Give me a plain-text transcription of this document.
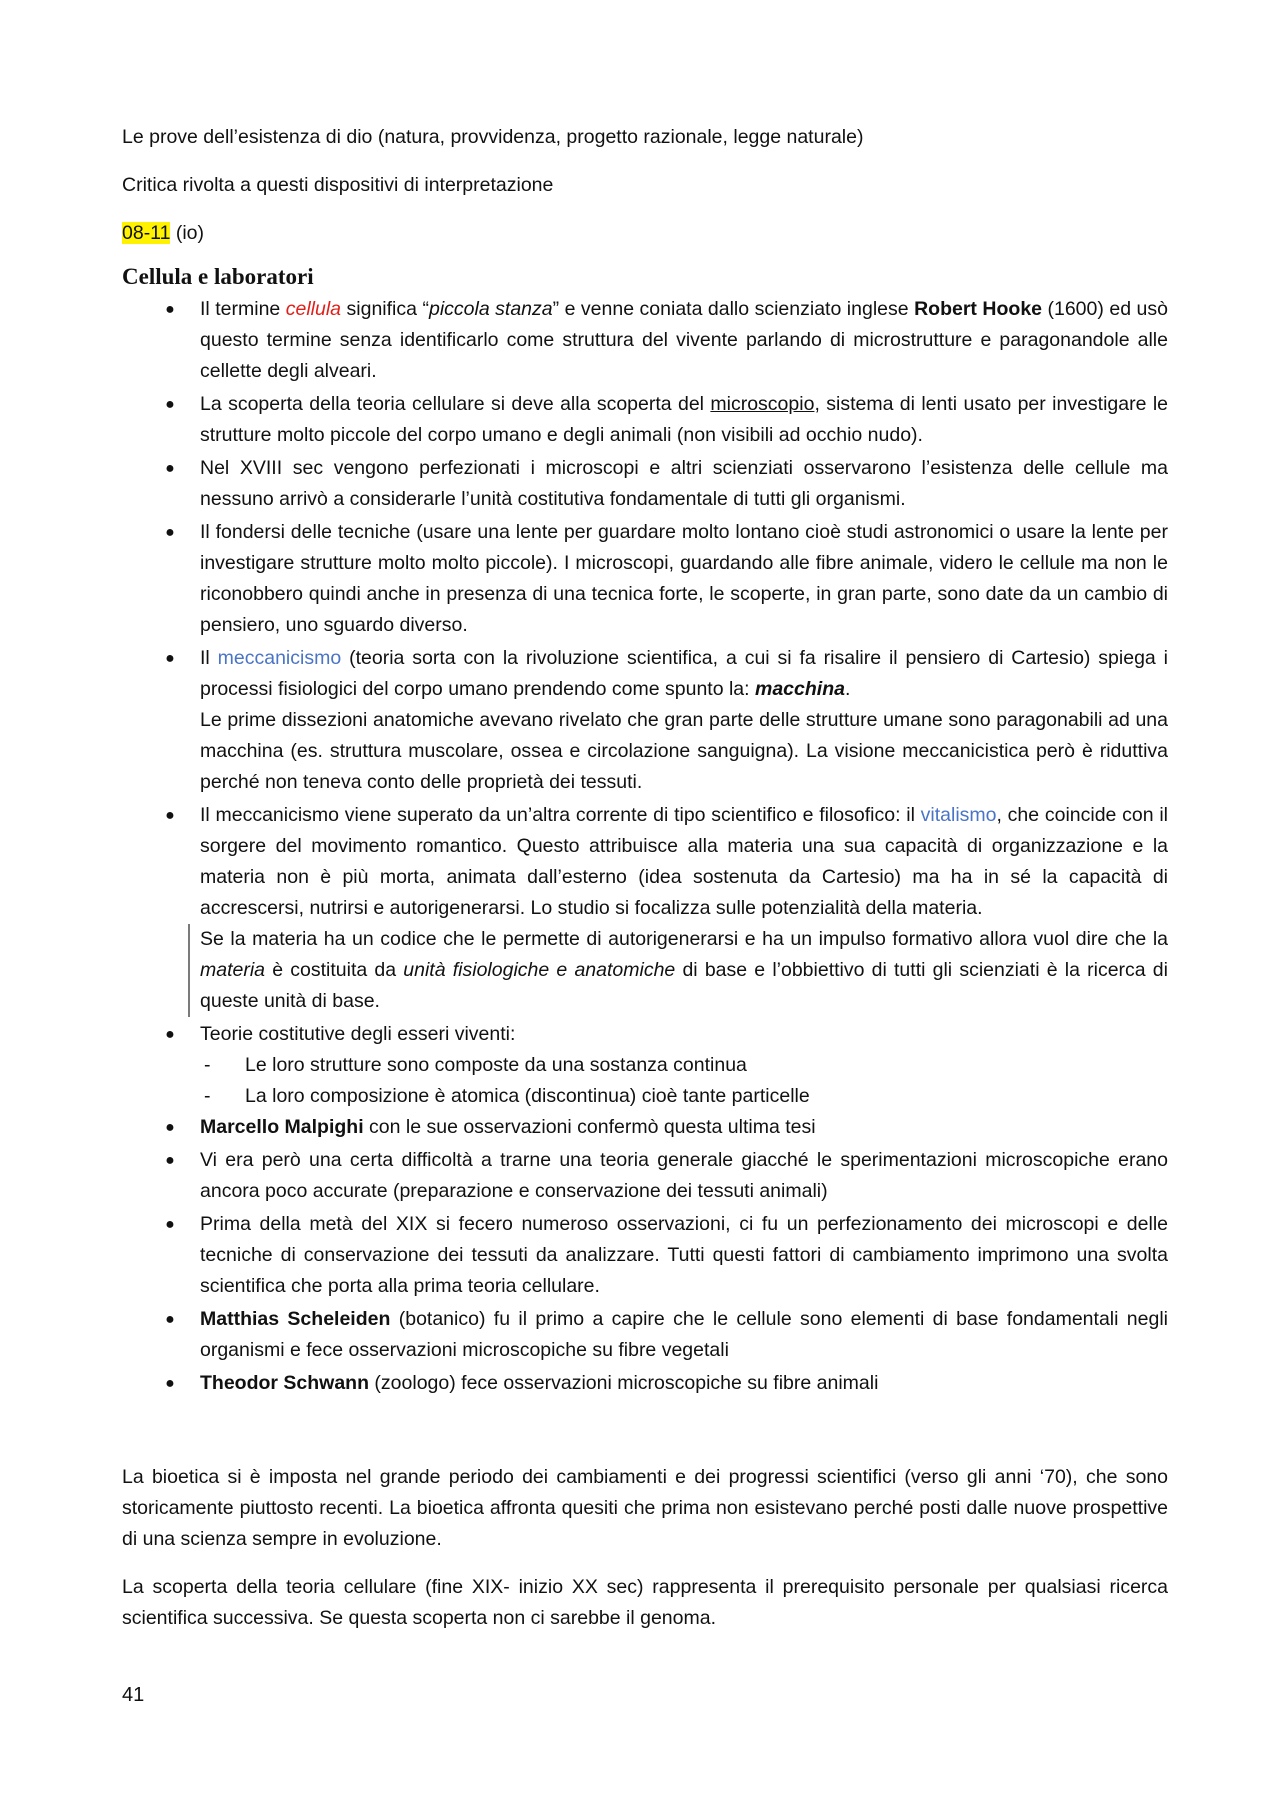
Le prove dell’esistenza di dio (natura, provvidenza, progetto razionale, legge naturale)

Critica rivolta a questi dispositivi di interpretazione

08-11 (io)

Cellula e laboratori
● Il termine cellula significa “piccola stanza” e venne coniata dallo scienziato inglese Robert Hooke (1600) ed usò questo termine senza identificarlo come struttura del vivente parlando di microstrutture e paragonandole alle cellette degli alveari.
● La scoperta della teoria cellulare si deve alla scoperta del microscopio, sistema di lenti usato per investigare le strutture molto piccole del corpo umano e degli animali (non visibili ad occhio nudo).
● Nel XVIII sec vengono perfezionati i microscopi e altri scienziati osservarono l’esistenza delle cellule ma nessuno arrivò a considerarle l’unità costitutiva fondamentale di tutti gli organismi.
● Il fondersi delle tecniche (usare una lente per guardare molto lontano cioè studi astronomici o usare la lente per investigare strutture molto molto piccole). I microscopi, guardando alle fibre animale, videro le cellule ma non le riconobbero quindi anche in presenza di una tecnica forte, le scoperte, in gran parte, sono date da un cambio di pensiero, uno sguardo diverso.
● Il meccanicismo (teoria sorta con la rivoluzione scientifica, a cui si fa risalire il pensiero di Cartesio) spiega i processi fisiologici del corpo umano prendendo come spunto la: macchina.

Le prime dissezioni anatomiche avevano rivelato che gran parte delle strutture umane sono paragonabili ad una macchina (es. struttura muscolare, ossea e circolazione sanguigna). La visione meccanicistica però è riduttiva perché non teneva conto delle proprietà dei tessuti.

● Il meccanicismo viene superato da un’altra corrente di tipo scientifico e filosofico: il vitalismo, che coincide con il sorgere del movimento romantico. Questo attribuisce alla materia una sua capacità di organizzazione e la materia non è più morta, animata dall’esterno (idea sostenuta da Cartesio) ma ha in sé la capacità di accrescersi, nutrirsi e autorigenerarsi. Lo studio si focalizza sulle potenzialità della materia.

Se la materia ha un codice che le permette di autorigenerarsi e ha un impulso formativo allora vuol dire che la materia è costituita da unità fisiologiche e anatomiche di base e l’obbiettivo di tutti gli scienziati è la ricerca di queste unità di base.

● Teorie costitutive degli esseri viventi:
- Le loro strutture sono composte da una sostanza continua
- La loro composizione è atomica (discontinua) cioè tante particelle
● Marcello Malpighi con le sue osservazioni confermò questa ultima tesi
● Vi era però una certa difficoltà a trarne una teoria generale giacché le sperimentazioni microscopiche erano ancora poco accurate (preparazione e conservazione dei tessuti animali)
● Prima della metà del XIX si fecero numeroso osservazioni, ci fu un perfezionamento dei microscopi e delle tecniche di conservazione dei tessuti da analizzare. Tutti questi fattori di cambiamento imprimono una svolta scientifica che porta alla prima teoria cellulare.
● Matthias Scheleiden (botanico) fu il primo a capire che le cellule sono elementi di base fondamentali negli organismi e fece osservazioni microscopiche su fibre vegetali
● Theodor Schwann (zoologo) fece osservazioni microscopiche su fibre animali

La bioetica si è imposta nel grande periodo dei cambiamenti e dei progressi scientifici (verso gli anni ‘70), che sono storicamente piuttosto recenti. La bioetica affronta quesiti che prima non esistevano perché posti dalle nuove prospettive di una scienza sempre in evoluzione.

La scoperta della teoria cellulare (fine XIX- inizio XX sec) rappresenta il prerequisito personale per qualsiasi ricerca scientifica successiva. Se questa scoperta non ci sarebbe il genoma.

41
